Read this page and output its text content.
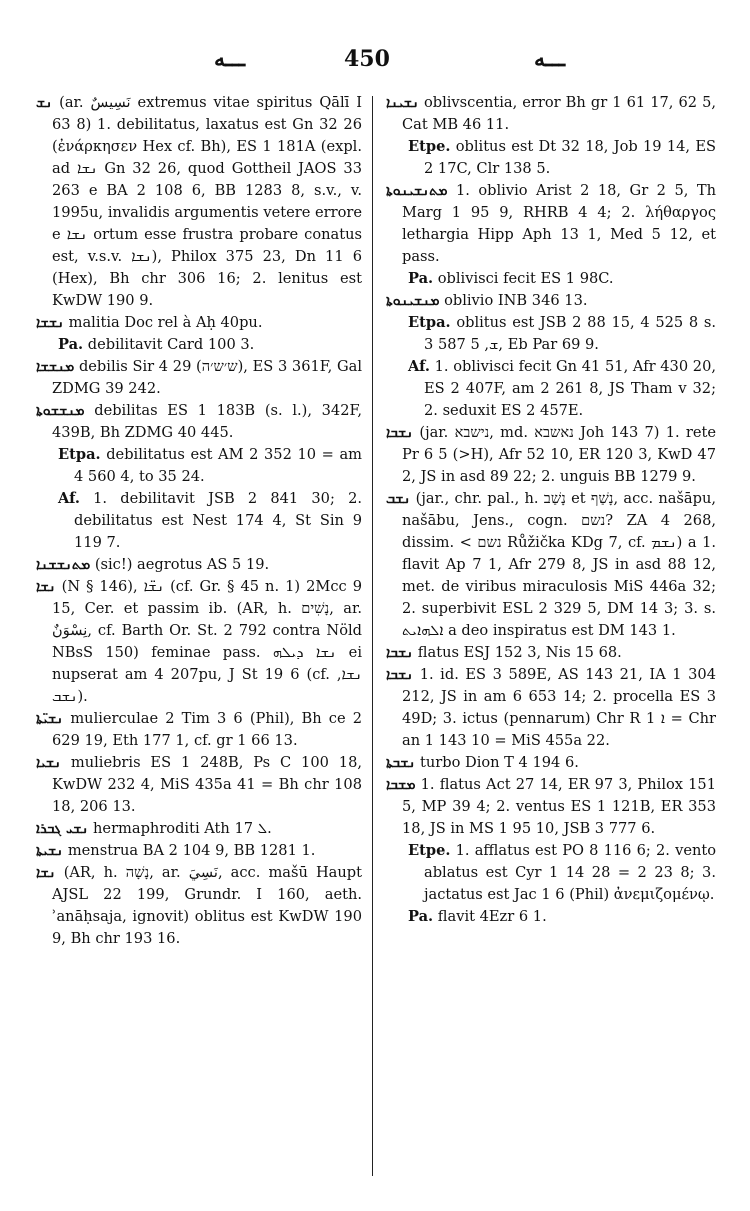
ـــه	450	ـــه
ܢܫ (ar. نَسِيسٌ extremus vitae spiritus Qālī I 63 8) 1. debilitatus, laxatus est Gn 32 26 (ἐνάρκησεν Hex cf. Bh), ES 1 181A (expl. ad ܢܫܐ Gn 32 26, quod Gottheil JAOS 33 263 e BA 2 108 6, BB 1283 8, s.v., v. 1995u, invalidis argumentis vetere errore e ܢܫܐ ortum esse frustra probare conatus est, v.s.v. ܢܫܐ), Philox 375 23, Dn 11 6 (Hex), Bh chr 306 16; 2. lenitus est KwDW 190 9.
ܢܫܫܐ malitia Doc rel à Aḥ 40pu.
Pa. debilitavit Card 100 3.
ܡܢܫܫܐ debilis Sir 4 29 (ש׳ש׳ה), ES 3 361F, Gal ZDMG 39 242.
ܡܢܫܫܘܬܐ debilitas ES 1 183B (s. l.), 342F, 439B, Bh ZDMG 40 445.
Etpa. debilitatus est AM 2 352 10 = am 4 560 4, to 35 24.
Af. 1. debilitavit JSB 2 841 30; 2. debilitatus est Nest 174 4, St Sin 9 119 7.
ܡܬܢܫܫܢܐ (sic!) aegrotus AS 5 19.
ܢܫܐ (N § 146), ܢܫ̈ܐ (cf. Gr. § 45 n. 1) 2Mcc 9 15, Cer. et passim ib. (AR, h. נָשִׁים, ar. نِسْوَنٌ, cf. Barth Or. St. 2 792 contra Nöld NBsS 150) feminae pass. ܢܫܐ ܕܝܠܗ ei nupserat am 4 207pu, J St 19 6 (cf. ܢܫܐ, ܢܫܒ).
ܢܫܝ̈ܬܐ mulierculae 2 Tim 3 6 (Phil), Bh ce 2 629 19, Eth 177 1, cf. gr 1 66 13.
ܢܫܝܐ muliebris ES 1 248B, Ps C 100 18, KwDW 232 4, MiS 435a 41 = Bh chr 108 18, 206 13.
ܢܫܝ ܓܒܪܐ hermaphroditi Ath ܠ 17.
ܢܫܝܬܐ menstrua BA 2 104 9, BB 1281 1.
ܢܫܐ (AR, h. נָשָׁה, ar. نَسِيَ, acc. mašū Haupt AJSL 22 199, Grundr. I 160, aeth. ʾanāḥsaja, ignovit) oblitus est KwDW 190 9, Bh chr 193 16.
ܢܫܝܢܐ oblivscentia, error Bh gr 1 61 17, 62 5, Cat MB 46 11.
Etpe. oblitus est Dt 32 18, Job 19 14, ES 2 17C, Clr 138 5.
ܡܬܢܫܝܢܘܬܐ 1. oblivio Arist 2 18, Gr 2 5, Th Marg 1 95 9, RHRB 4 4; 2. λήθαργος lethargia Hipp Aph 13 1, Med 5 12, et pass.
Pa. oblivisci fecit ES 1 98C.
ܡܢܫܝܢܘܬܐ oblivio INB 346 13.
Etpa. oblitus est JSB 2 88 15, 4 525 8 s. ܫ, 5 587 3, Eb Par 69 9.
Af. 1. oblivisci fecit Gn 41 51, Afr 430 20, ES 2 407F, am 2 261 8, JS Tham v 32; 2. seduxit ES 2 457E.
ܢܫܒܐ (jar. נישבא, md. נאשבא Joh 143 7) 1. rete Pr 6 5 (>H), Afr 52 10, ER 120 3, KwD 47 2, JS in asd 89 22; 2. unguis BB 1279 9.
ܢܫܒ (jar., chr. pal., h. נָשַׁב et נָשַׁף, acc. našāpu, našābu, Jens., cogn. נשם? ZA 4 268, dissim. < נשם Růžička KDg 7, cf. ܢܫܡ) a 1. flavit Ap 7 1, Afr 279 8, JS in asd 88 12, met. de viribus miraculosis MiS 446a 32; 2. superbivit ESL 2 329 5, DM 14 3; 3. s. ܐܠܗܐܝܬ a deo inspiratus est DM 143 1.
ܢܫܒܐ flatus ESJ 152 3, Nis 15 68.
ܢܫܒܐ 1. id. ES 3 589E, AS 143 21, IA 1 304 212, JS in am 6 653 14; 2. procella ES 3 49D; 3. ictus (pennarum) Chr R ܐ 1 = Chr an 1 143 10 = MiS 455a 22.
ܢܫܒܬܐ turbo Dion T 4 194 6.
ܡܫܒܐ 1. flatus Act 27 14, ER 97 3, Philox 151 5, MP 39 4; 2. ventus ES 1 121B, ER 353 18, JS in MS 1 95 10, JSB 3 777 6.
Etpe. 1. afflatus est PO 8 116 6; 2. vento ablatus est Cyr 1 14 28 = 2 23 8; 3. jactatus est Jac 1 6 (Phil) ἀνεμιζομένῳ.
Pa. flavit 4Ezr 6 1.
